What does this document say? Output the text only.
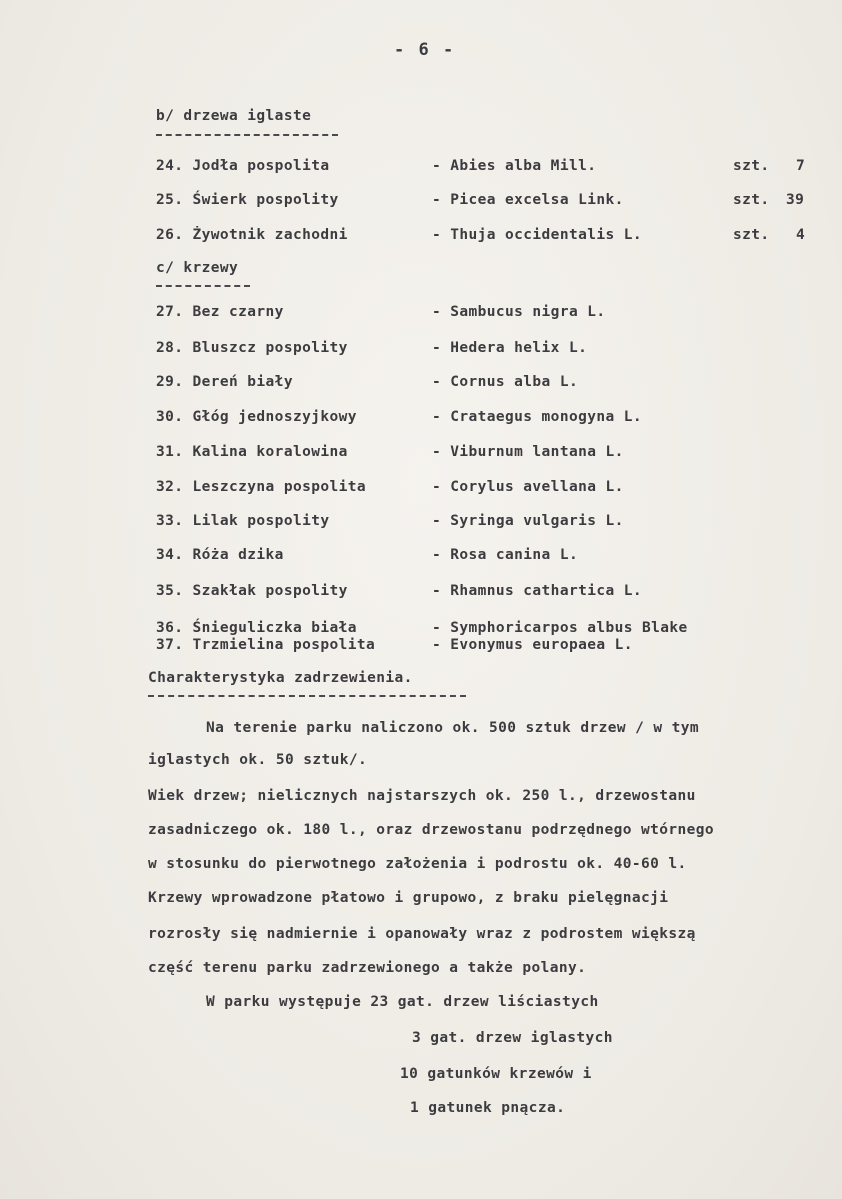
- 6 -
b/ drzewa iglaste
24. Jodła pospolita	- Abies alba Mill.	szt. 7
25. Świerk pospolity	- Picea excelsa Link.	szt. 39
26. Żywotnik zachodni	- Thuja occidentalis L.	szt. 4
c/ krzewy
27. Bez czarny	- Sambucus nigra L.
28. Bluszcz pospolity	- Hedera helix L.
29. Dereń biały	- Cornus alba L.
30. Głóg jednoszyjkowy	- Crataegus monogyna L.
31. Kalina koralowina	- Viburnum lantana L.
32. Leszczyna pospolita	- Corylus avellana L.
33. Lilak pospolity	- Syringa vulgaris L.
34. Róża dzika	- Rosa canina L.
35. Szakłak pospolity	- Rhamnus cathartica L.
36. Śnieguliczka biała	- Symphoricarpos albus Blake
37. Trzmielina pospolita	- Evonymus europaea L.
Charakterystyka zadrzewienia.
Na terenie parku naliczono ok. 500 sztuk drzew / w tym
iglastych ok. 50 sztuk/.
Wiek drzew; nielicznych najstarszych ok. 250 l., drzewostanu
zasadniczego ok. 180 l., oraz drzewostanu podrzędnego wtórnego
w stosunku do pierwotnego założenia i podrostu ok. 40-60 l.
Krzewy wprowadzone płatowo i grupowo, z braku pielęgnacji
rozrosły się nadmiernie i opanowały wraz z podrostem większą
część terenu parku zadrzewionego a także polany.
W parku występuje 23 gat. drzew liściastych
3 gat. drzew iglastych
10 gatunków krzewów i
1 gatunek pnącza.
